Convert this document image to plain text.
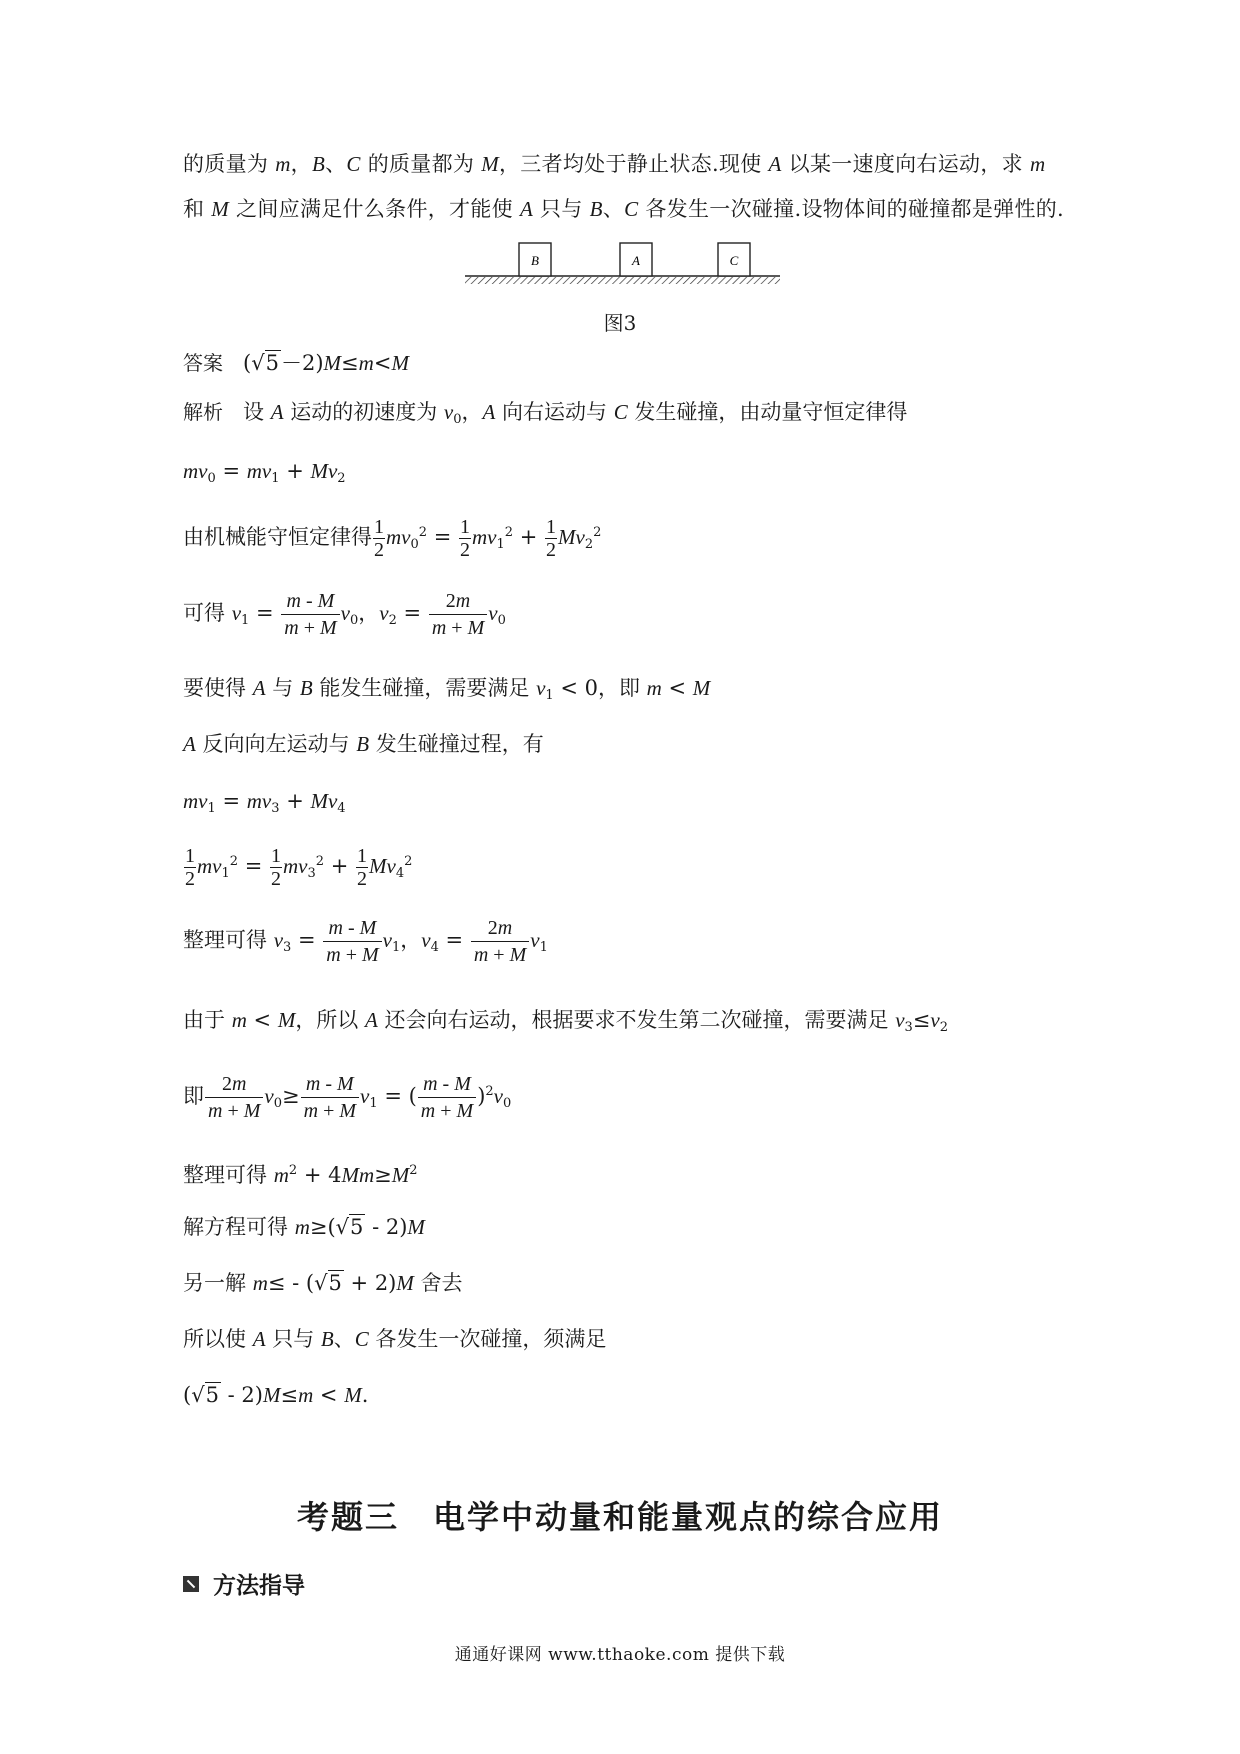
的质量为 m，B、C 的质量都为 M，三者均处于静止状态.现使 A 以某一速度向右运动，求 m
和 M 之间应满足什么条件，才能使 A 只与 B、C 各发生一次碰撞.设物体间的碰撞都是弹性的.
B	A	C
图3
答案   (√5－2)M≤m<M
解析   设 A 运动的初速度为 $v_0$，A 向右运动与 C 发生碰撞，由动量守恒定律得
$mv_0 = mv_1 + Mv_2$
由机械能守恒定律得 $\frac{1}{2} mv_0^2 = \frac{1}{2} mv_1^2 + \frac{1}{2} Mv_2^2$
可得 $v_1 = \frac{m - M}{m + M} v_0$，$v_2 = \frac{2m}{m + M} v_0$
要使得 A 与 B 能发生碰撞，需要满足 $v_1 < 0$，即 m < M
A 反向向左运动与 B 发生碰撞过程，有
$mv_1 = mv_3 + Mv_4$
$\frac{1}{2} mv_1^2 = \frac{1}{2} mv_3^2 + \frac{1}{2} Mv_4^2$
整理可得 $v_3 = \frac{m - M}{m + M} v_1$，$v_4 = \frac{2m}{m + M} v_1$
由于 m < M，所以 A 还会向右运动，根据要求不发生第二次碰撞，需要满足 $v_3\le v_2$
即 $\frac{2m}{m + M} v_0\ge \frac{m - M}{m + M} v_1$ = ( $\frac{m - M}{m + M} )^2v_0$
整理可得 $m^2 + 4Mm\ge M^2$
解方程可得 m≥(√5 - 2)M
另一解 m≤ - (√5 + 2)M 舍去
所以使 A 只与 B、C 各发生一次碰撞，须满足
(√5 - 2)M≤m < M.
考题三　电学中动量和能量观点的综合应用
方法指导
通通好课网 www.tthaoke.com 提供下载
